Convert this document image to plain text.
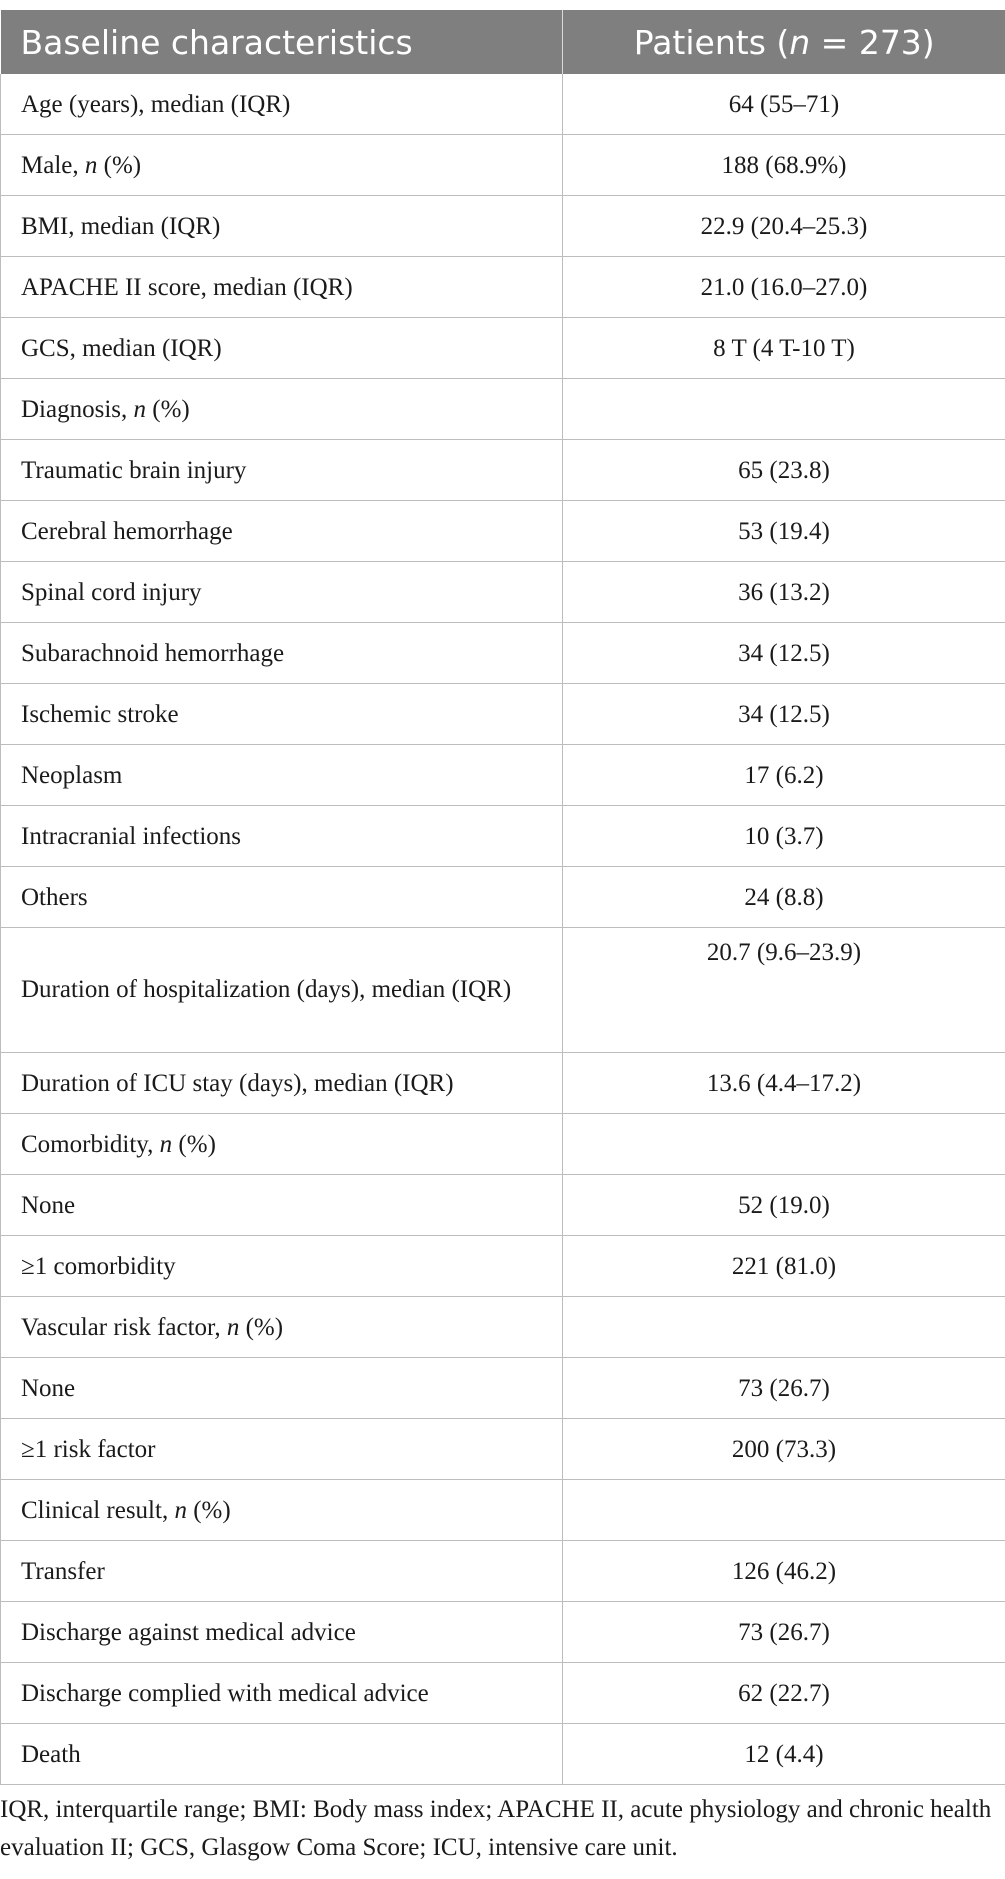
Baseline characteristics	Patients (n = 273)
Age (years), median (IQR)	64 (55–71)
Male, n (%)	188 (68.9%)
BMI, median (IQR)	22.9 (20.4–25.3)
APACHE II score, median (IQR)	21.0 (16.0–27.0)
GCS, median (IQR)	8 T (4 T-10 T)
Diagnosis, n (%)	
Traumatic brain injury	65 (23.8)
Cerebral hemorrhage	53 (19.4)
Spinal cord injury	36 (13.2)
Subarachnoid hemorrhage	34 (12.5)
Ischemic stroke	34 (12.5)
Neoplasm	17 (6.2)
Intracranial infections	10 (3.7)
Others	24 (8.8)
Duration of hospitalization (days), median (IQR)	20.7 (9.6–23.9)
Duration of ICU stay (days), median (IQR)	13.6 (4.4–17.2)
Comorbidity, n (%)	
None	52 (19.0)
≥1 comorbidity	221 (81.0)
Vascular risk factor, n (%)	
None	73 (26.7)
≥1 risk factor	200 (73.3)
Clinical result, n (%)	
Transfer	126 (46.2)
Discharge against medical advice	73 (26.7)
Discharge complied with medical advice	62 (22.7)
Death	12 (4.4)
IQR, interquartile range; BMI: Body mass index; APACHE II, acute physiology and chronic health evaluation II; GCS, Glasgow Coma Score; ICU, intensive care unit.
